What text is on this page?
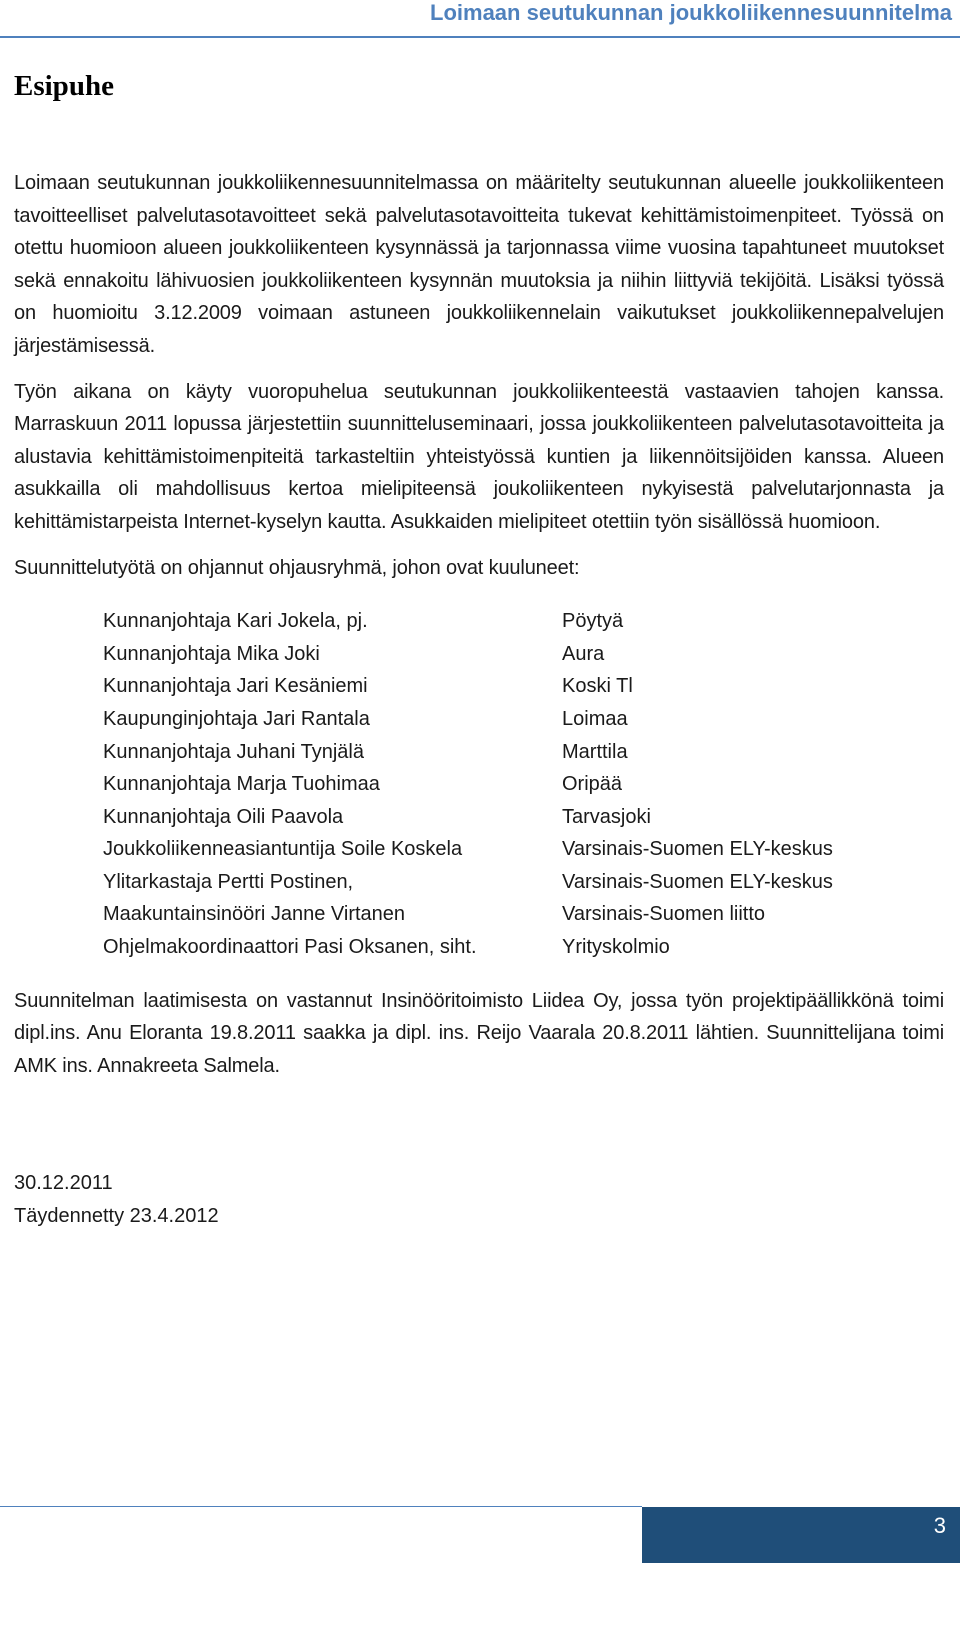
Loimaan seutukunnan joukkoliikennesuunnitelma
Esipuhe

Loimaan seutukunnan joukkoliikennesuunnitelmassa on määritelty seutukunnan alueelle joukkoliikenteen tavoitteelliset palvelutasotavoitteet sekä palvelutasotavoitteita tukevat kehittämistoimenpiteet. Työssä on otettu huomioon alueen joukkoliikenteen kysynnässä ja tarjonnassa viime vuosina tapahtuneet muutokset sekä ennakoitu lähivuosien joukkoliikenteen kysynnän muutoksia ja niihin liittyviä tekijöitä. Lisäksi työssä on huomioitu 3.12.2009 voimaan astuneen joukkoliikennelain vaikutukset joukkoliikennepalvelujen järjestämisessä.

Työn aikana on käyty vuoropuhelua seutukunnan joukkoliikenteestä vastaavien tahojen kanssa. Marraskuun 2011 lopussa järjestettiin suunnitteluseminaari, jossa joukkoliikenteen palvelutasotavoitteita ja alustavia kehittämistoimenpiteitä tarkasteltiin yhteistyössä kuntien ja liikennöitsijöiden kanssa. Alueen asukkailla oli mahdollisuus kertoa mielipiteensä joukoliikenteen nykyisestä palvelutarjonnasta ja kehittämistarpeista Internet-kyselyn kautta. Asukkaiden mielipiteet otettiin työn sisällössä huomioon.

Suunnittelutyötä on ohjannut ohjausryhmä, johon ovat kuuluneet:

Kunnanjohtaja Kari Jokela, pj.	Pöytyä
Kunnanjohtaja Mika Joki	Aura
Kunnanjohtaja Jari Kesäniemi	Koski Tl
Kaupunginjohtaja Jari Rantala	Loimaa
Kunnanjohtaja Juhani Tynjälä	Marttila
Kunnanjohtaja Marja Tuohimaa	Oripää
Kunnanjohtaja Oili Paavola	Tarvasjoki
Joukkoliikenneasiantuntija Soile Koskela	Varsinais-Suomen ELY-keskus
Ylitarkastaja Pertti Postinen,	Varsinais-Suomen ELY-keskus
Maakuntainsinööri Janne Virtanen	Varsinais-Suomen liitto
Ohjelmakoordinaattori Pasi Oksanen, siht.	Yrityskolmio

Suunnitelman laatimisesta on vastannut Insinööritoimisto Liidea Oy, jossa työn projektipäällikkönä toimi dipl.ins. Anu Eloranta 19.8.2011 saakka ja dipl. ins. Reijo Vaarala 20.8.2011 lähtien. Suunnittelijana toimi AMK ins. Annakreeta Salmela.

30.12.2011
Täydennetty 23.4.2012
3
